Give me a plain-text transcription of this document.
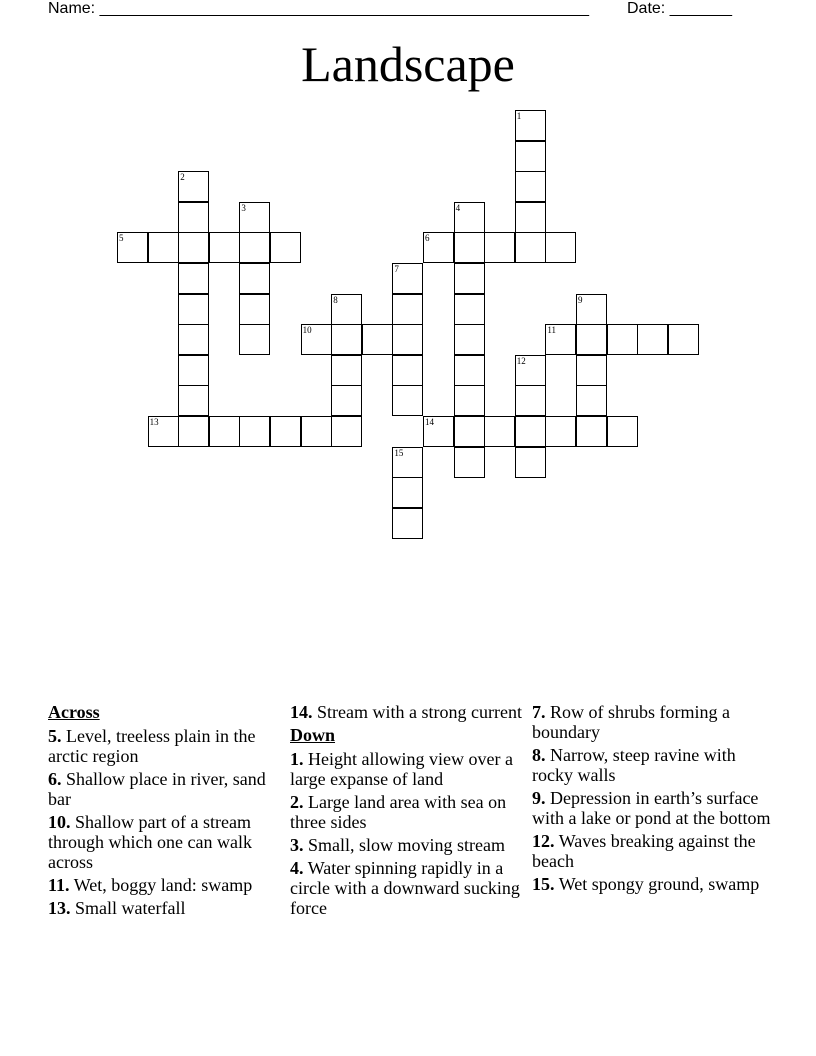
Name: _______________________________________________________ Date: _______
Landscape
1
2
3	4
5	6
7
8	9
10	11
12
13	14
15
Across
5. Level, treeless plain in the arctic region
6. Shallow place in river, sand bar
10. Shallow part of a stream through which one can walk across
11. Wet, boggy land: swamp
13. Small waterfall
14. Stream with a strong current
Down
1. Height allowing view over a large expanse of land
2. Large land area with sea on three sides
3. Small, slow moving stream
4. Water spinning rapidly in a circle with a downward sucking force
7. Row of shrubs forming a boundary
8. Narrow, steep ravine with rocky walls
9. Depression in earth’s surface with a lake or pond at the bottom
12. Waves breaking against the beach
15. Wet spongy ground, swamp
